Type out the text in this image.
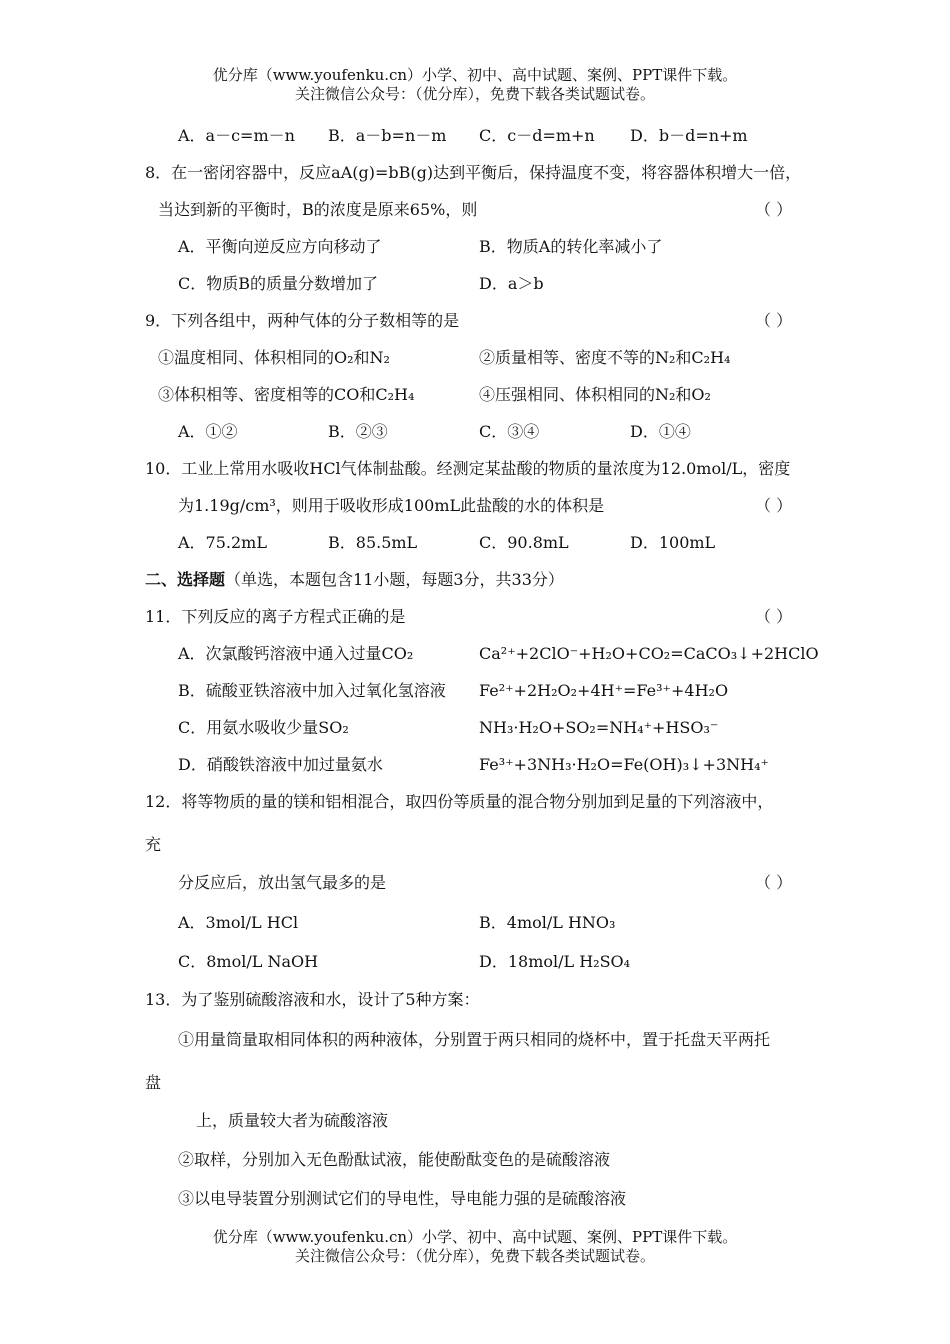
优分库（www.youfenku.cn）小学、初中、高中试题、案例、PPT课件下载。
关注微信公众号：（优分库），免费下载各类试题试卷。
A．a－c=m－n B．a－b=n－m C．c－d=m+n D．b－d=n+m
8．在一密闭容器中，反应aA(g)=bB(g)达到平衡后，保持温度不变，将容器体积增大一倍，
当达到新的平衡时，B的浓度是原来65%，则	（ ）
A．平衡向逆反应方向移动了	B．物质A的转化率减小了
C．物质B的质量分数增加了	D．a＞b
9．下列各组中，两种气体的分子数相等的是	（ ）
①温度相同、体积相同的O₂和N₂	②质量相等、密度不等的N₂和C₂H₄
③体积相等、密度相等的CO和C₂H₄	④压强相同、体积相同的N₂和O₂
A．①②	B．②③	C．③④	D．①④
10．工业上常用水吸收HCl气体制盐酸。经测定某盐酸的物质的量浓度为12.0mol/L，密度
为1.19g/cm³，则用于吸收形成100mL此盐酸的水的体积是	（ ）
A．75.2mL	B．85.5mL	C．90.8mL	D．100mL
二、选择题（单选，本题包含11小题，每题3分，共33分）
11．下列反应的离子方程式正确的是	（ ）
A．次氯酸钙溶液中通入过量CO₂	Ca²⁺+2ClO⁻+H₂O+CO₂=CaCO₃↓+2HClO
B．硫酸亚铁溶液中加入过氧化氢溶液 Fe²⁺+2H₂O₂+4H⁺=Fe³⁺+4H₂O
C．用氨水吸收少量SO₂	NH₃·H₂O+SO₂=NH₄⁺+HSO₃⁻
D．硝酸铁溶液中加过量氨水	Fe³⁺+3NH₃·H₂O=Fe(OH)₃↓+3NH₄⁺
12．将等物质的量的镁和铝相混合，取四份等质量的混合物分别加到足量的下列溶液中，
充
分反应后，放出氢气最多的是	（ ）
A．3mol/L HCl	B．4mol/L HNO₃
C．8mol/L NaOH	D．18mol/L H₂SO₄
13．为了鉴别硫酸溶液和水，设计了5种方案：
①用量筒量取相同体积的两种液体，分别置于两只相同的烧杯中，置于托盘天平两托
盘
上，质量较大者为硫酸溶液
②取样，分别加入无色酚酞试液，能使酚酞变色的是硫酸溶液
③以电导装置分别测试它们的导电性，导电能力强的是硫酸溶液
优分库（www.youfenku.cn）小学、初中、高中试题、案例、PPT课件下载。
关注微信公众号：（优分库），免费下载各类试题试卷。
